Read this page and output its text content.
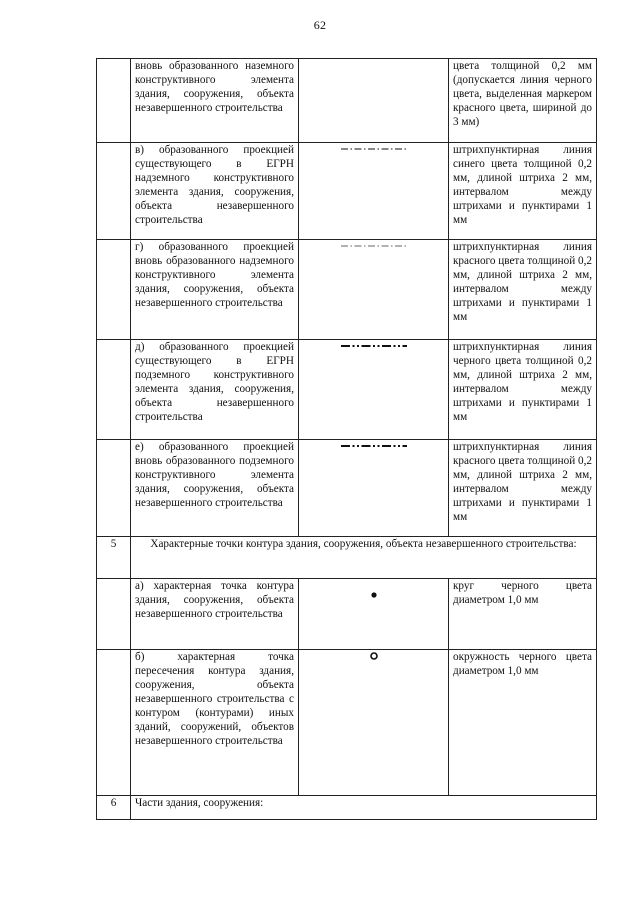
62
	вновь образованного наземного конструктивного элемента здания, сооружения, объекта незавершенного строительства		цвета толщиной 0,2 мм (допускается линия черного цвета, выделенная маркером красного цвета, шириной до 3 мм)
	в) образованного проекцией существующего в ЕГРН надземного конструктивного элемента здания, сооружения, объекта незавершенного строительства		штрихпунктирная линия синего цвета толщиной 0,2 мм, длиной штриха 2 мм, интервалом между штрихами и пунктирами 1 мм
	г) образованного проекцией вновь образованного надземного конструктивного элемента здания, сооружения, объекта незавершенного строительства		штрихпунктирная линия красного цвета толщиной 0,2 мм, длиной штриха 2 мм, интервалом между штрихами и пунктирами 1 мм
	д) образованного проекцией существующего в ЕГРН подземного конструктивного элемента здания, сооружения, объекта незавершенного строительства		штрихпунктирная линия черного цвета толщиной 0,2 мм, длиной штриха 2 мм, интервалом между штрихами и пунктирами 1 мм
	е) образованного проекцией вновь образованного подземного конструктивного элемента здания, сооружения, объекта незавершенного строительства		штрихпунктирная линия красного цвета толщиной 0,2 мм, длиной штриха 2 мм, интервалом между штрихами и пунктирами 1 мм
5	Характерные точки контура здания, сооружения, объекта незавершенного строительства:		
	а) характерная точка контура здания, сооружения, объекта незавершенного строительства		круг черного цвета диаметром 1,0 мм
	б) характерная точка пересечения контура здания, сооружения, объекта незавершенного строительства с контуром (контурами) иных зданий, сооружений, объектов незавершенного строительства		окружность черного цвета диаметром 1,0 мм
6	Части здания, сооружения:		
